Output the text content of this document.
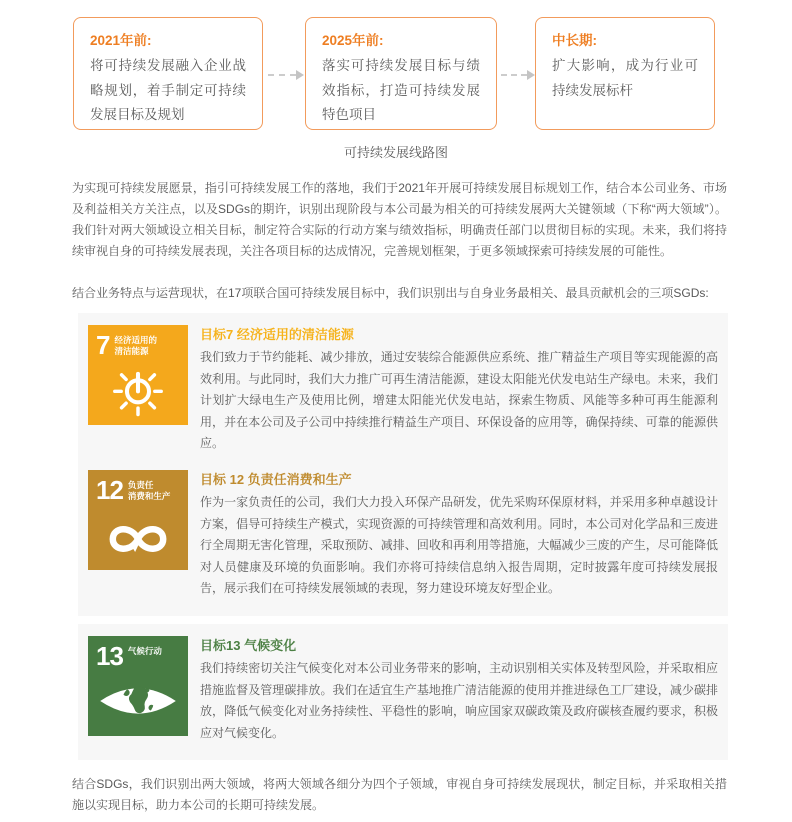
2021年前:
将可持续发展融入企业战略规划，着手制定可持续发展目标及规划
2025年前:
落实可持续发展目标与绩效指标，打造可持续发展特色项目
中长期:
扩大影响，成为行业可持续发展标杆
可持续发展线路图

为实现可持续发展愿景，指引可持续发展工作的落地，我们于2021年开展可持续发展目标规划工作，结合本公司业务、市场及利益相关方关注点，以及SDGs的期许，识别出现阶段与本公司最为相关的可持续发展两大关键领域（下称“两大领域”）。我们针对两大领域设立相关目标，制定符合实际的行动方案与绩效指标，明确责任部门以贯彻目标的实现。未来，我们将持续审视自身的可持续发展表现，关注各项目标的达成情况，完善规划框架，于更多领域探索可持续发展的可能性。

结合业务特点与运营现状，在17项联合国可持续发展目标中，我们识别出与自身业务最相关、最具贡献机会的三项SGDs:

7 经济适用的
清洁能源
目标7 经济适用的清洁能源
我们致力于节约能耗、减少排放，通过安装综合能源供应系统、推广精益生产项目等实现能源的高效利用。与此同时，我们大力推广可再生清洁能源，建设太阳能光伏发电站生产绿电。未来，我们计划扩大绿电生产及使用比例，增建太阳能光伏发电站，探索生物质、风能等多种可再生能源利用，并在本公司及子公司中持续推行精益生产项目、环保设备的应用等，确保持续、可靠的能源供应。
12 负责任
消费和生产
目标 12 负责任消费和生产
作为一家负责任的公司，我们大力投入环保产品研发，优先采购环保原材料，并采用多种卓越设计方案，倡导可持续生产模式，实现资源的可持续管理和高效利用。同时，本公司对化学品和三废进行全周期无害化管理，采取预防、减排、回收和再利用等措施，大幅减少三废的产生，尽可能降低对人员健康及环境的负面影响。我们亦将可持续信息纳入报告周期，定时披露年度可持续发展报告，展示我们在可持续发展领域的表现，努力建设环境友好型企业。
13 气候行动	目标13 气候变化
我们持续密切关注气候变化对本公司业务带来的影响，主动识别相关实体及转型风险，并采取相应措施监督及管理碳排放。我们在适宜生产基地推广清洁能源的使用并推进绿色工厂建设，减少碳排放，降低气候变化对业务持续性、平稳性的影响，响应国家双碳政策及政府碳核查履约要求，积极应对气候变化。

结合SDGs，我们识别出两大领域，将两大领域各细分为四个子领域，审视自身可持续发展现状，制定目标，并采取相关措施以实现目标，助力本公司的长期可持续发展。
